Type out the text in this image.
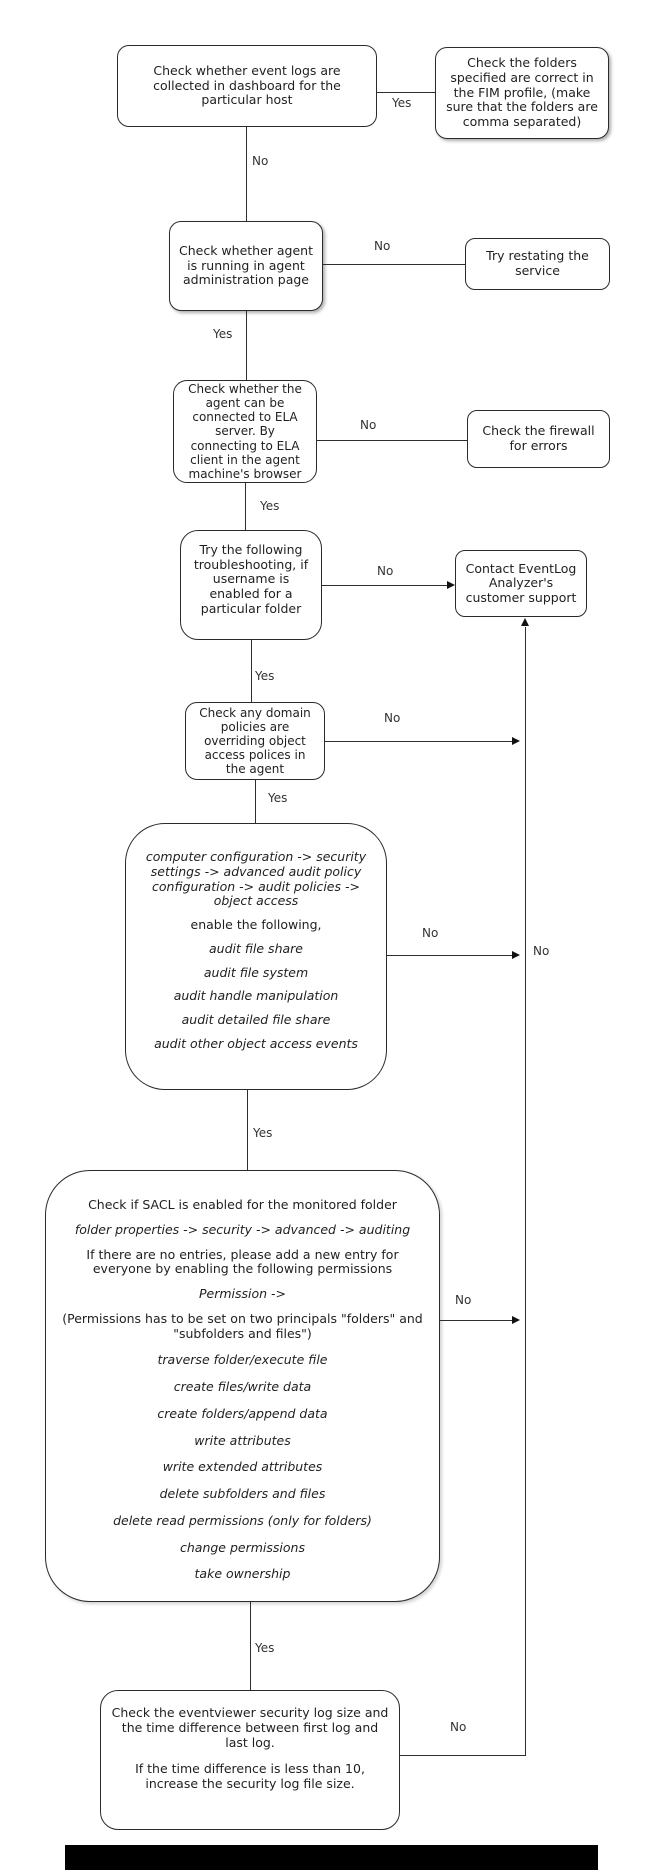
Check whether event logs are collected in dashboard for the particular host
Check the folders specified are correct in the FIM profile, (make sure that the folders are comma separated)
Check whether agent is running in agent administration page
Try restating the service
Check whether the agent can be connected to ELA server. By connecting to ELA client in the agent machine's browser
Check the firewall for errors
Try the following troubleshooting, if username is enabled for a particular folder
Contact EventLog Analyzer's customer support
Check any domain policies are overriding object access polices in the agent
computer configuration -> security settings -> advanced audit policy configuration -> audit policies -> object access
enable the following,
audit file share
audit file system
audit handle manipulation
audit detailed file share
audit other object access events
Check if SACL is enabled for the monitored folder
folder properties -> security -> advanced -> auditing
If there are no entries, please add a new entry for everyone by enabling the following permissions
Permission ->
(Permissions has to be set on two principals "folders" and "subfolders and files")
traverse folder/execute file
create files/write data
create folders/append data
write attributes
write extended attributes
delete subfolders and files
delete read permissions (only for folders)
change permissions
take ownership
Check the eventviewer security log size and the time difference between first log and last log.
If the time difference is less than 10, increase the security log file size.
Yes
No
No
Yes
No
Yes
No
Yes
No
Yes
No
No
Yes
No
Yes
No
